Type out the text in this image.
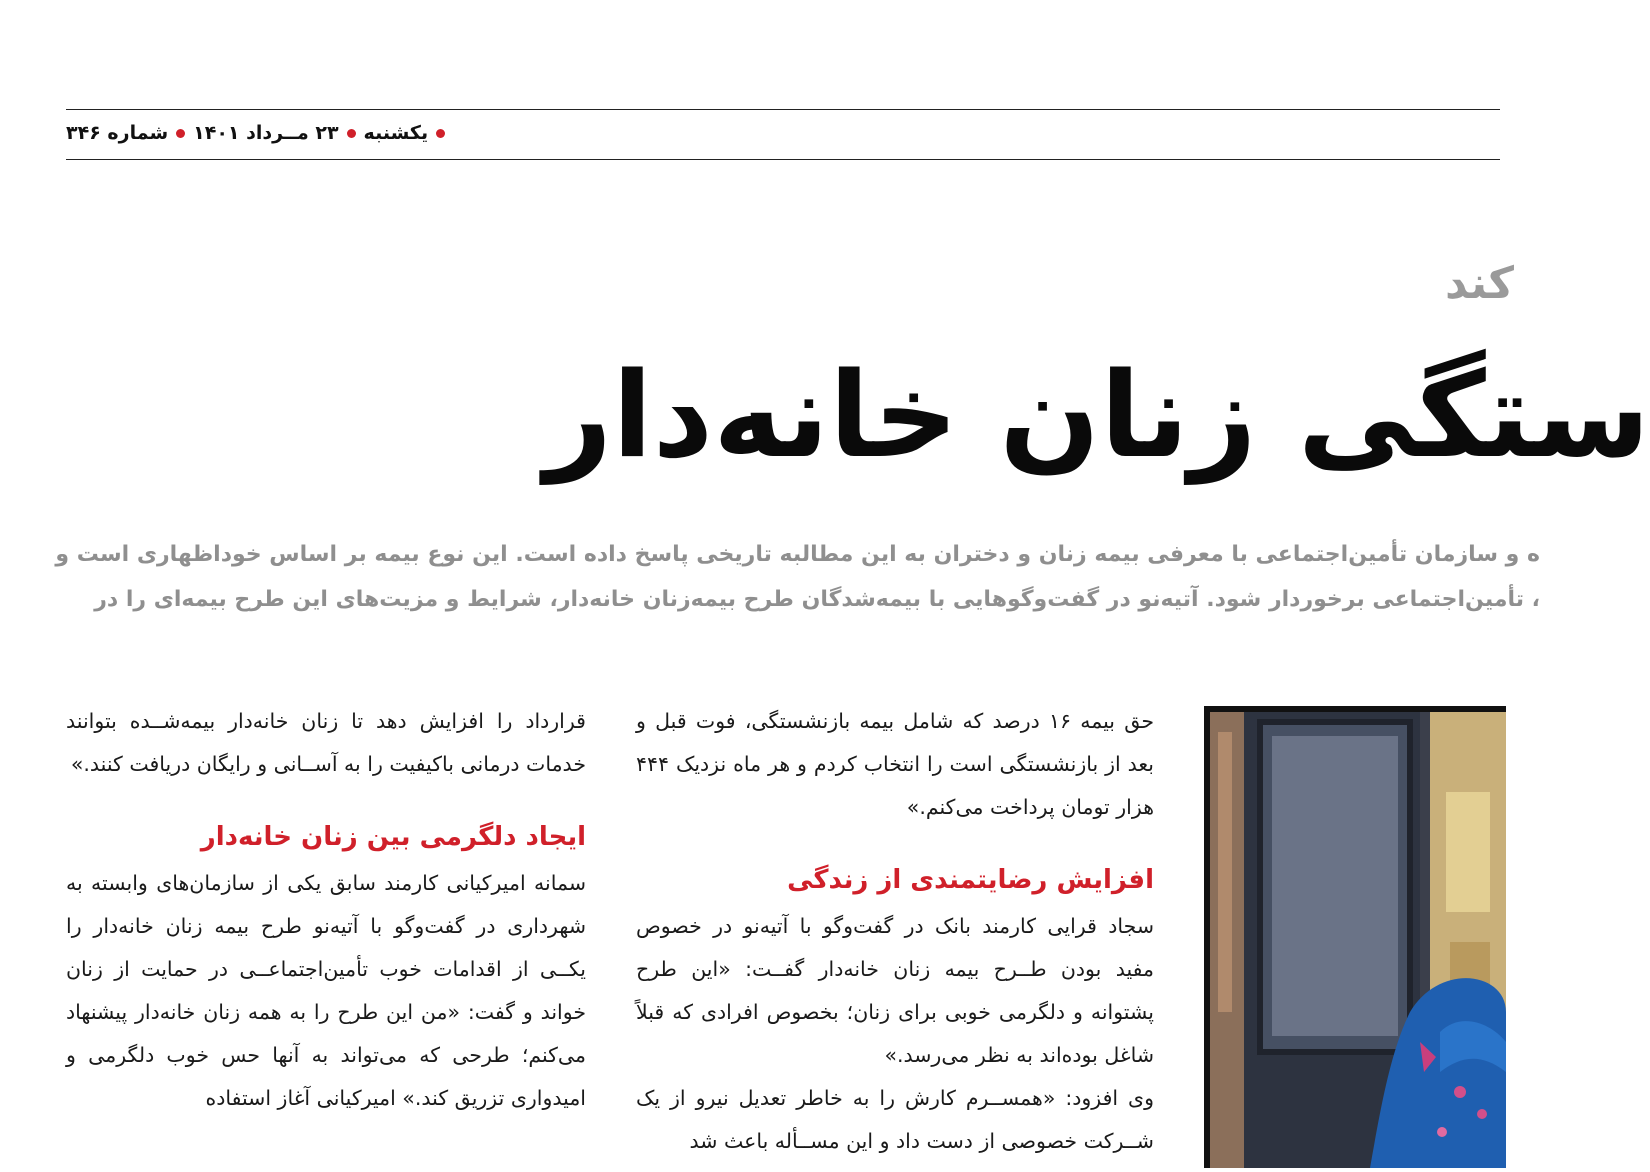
یکشنبه
۲۳ مــرداد ۱۴۰۱
شماره ۳۴۶
کند
ستگی زنان خانه‌دار
ه و سازمان تأمین‌اجتماعی با معرفی بیمه زنان و دختران به این مطالبه تاریخی پاسخ داده است. این نوع بیمه بر اساس خوداظهاری است و
، تأمین‌اجتماعی برخوردار شود. آتیه‌نو در گفت‌وگوهایی با بیمه‌شدگان طرح بیمه‌زنان خانه‌دار، شرایط و مزیت‌های این طرح بیمه‌ای را در

حق بیمه ۱۶ درصد که شامل بیمه بازنشستگی، فوت قبل و بعد از بازنشستگی است را انتخاب کردم و هر ماه نزدیک ۴۴۴ هزار تومان پرداخت می‌کنم.»

افزایش رضایتمندی از زندگی

سجاد قرایی کارمند بانک در گفت‌وگو با آتیه‌نو در خصوص مفید بودن طــرح بیمه زنان خانه‌دار گفــت: «این طرح پشتوانه و دلگرمی خوبی برای زنان؛ بخصوص افرادی که قبلاً شاغل بوده‌اند به نظر می‌رسد.»

وی افزود: «همســرم کارش را به خاطر تعدیل نیرو از یک شــرکت خصوصی از دست داد و این مســأله باعث شد

قرارداد را افزایش دهد تا زنان خانه‌دار بیمه‌شــده بتوانند خدمات درمانی باکیفیت را به آســانی و رایگان دریافت کنند.»

ایجاد دلگرمی بین زنان خانه‌دار

سمانه امیرکیانی کارمند سابق یکی از سازمان‌های وابسته به شهرداری در گفت‌وگو با آتیه‌نو طرح بیمه زنان خانه‌دار را یکــی از اقدامات خوب تأمین‌اجتماعــی در حمایت از زنان خواند و گفت: «من این طرح را به همه زنان خانه‌دار پیشنهاد می‌کنم؛ طرحی که می‌تواند به آنها حس خوب دلگرمی و امیدواری تزریق کند.» امیرکیانی آغاز استفاده
